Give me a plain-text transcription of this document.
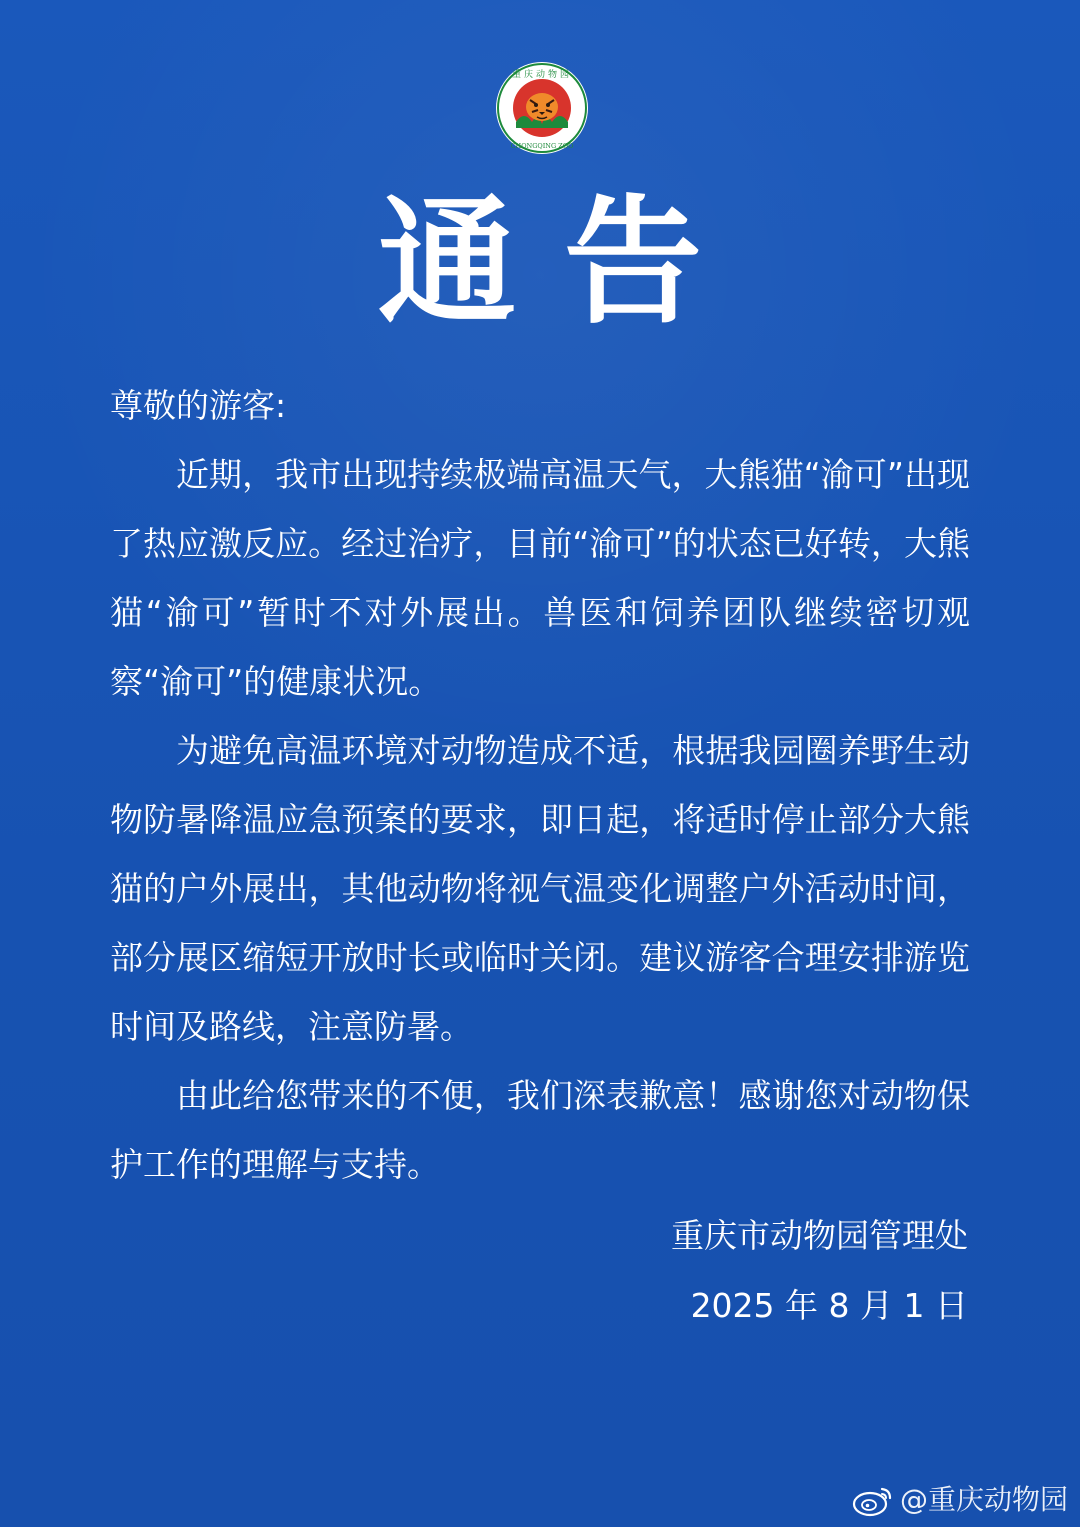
重庆动物园
CHONGQING ZOO
通告
尊敬的游客:

近期，我市出现持续极端高温天气，大熊猫“渝可”出现了热应激反应。经过治疗，目前“渝可”的状态已好转，大熊猫“渝可”暂时不对外展出。兽医和饲养团队继续密切观察“渝可”的健康状况。

为避免高温环境对动物造成不适，根据我园圈养野生动物防暑降温应急预案的要求，即日起，将适时停止部分大熊猫的户外展出，其他动物将视气温变化调整户外活动时间，部分展区缩短开放时长或临时关闭。建议游客合理安排游览时间及路线，注意防暑。

由此给您带来的不便，我们深表歉意！感谢您对动物保护工作的理解与支持。

重庆市动物园管理处
2025 年 8 月 1 日
@重庆动物园
